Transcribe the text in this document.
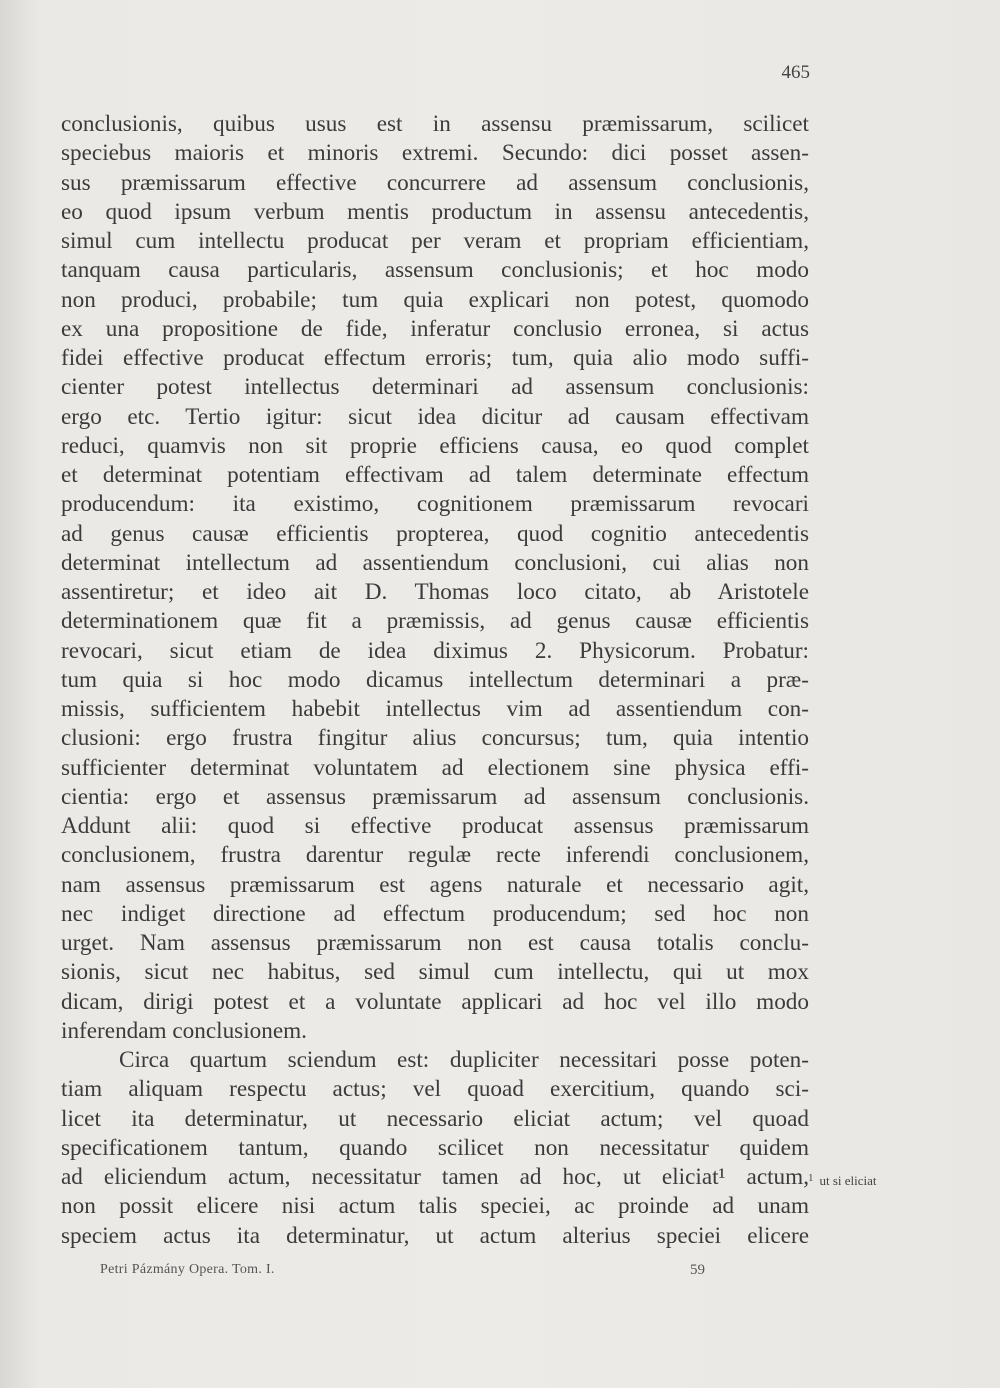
465
conclusionis, quibus usus est in assensu præmissarum, scilicet
speciebus maioris et minoris extremi. Secundo: dici posset assen-
sus præmissarum effective concurrere ad assensum conclusionis,
eo quod ipsum verbum mentis productum in assensu antecedentis,
simul cum intellectu producat per veram et propriam efficientiam,
tanquam causa particularis, assensum conclusionis; et hoc modo
non produci, probabile; tum quia explicari non potest, quomodo
ex una propositione de fide, inferatur conclusio erronea, si actus
fidei effective producat effectum erroris; tum, quia alio modo suffi-
cienter potest intellectus determinari ad assensum conclusionis:
ergo etc. Tertio igitur: sicut idea dicitur ad causam effectivam
reduci, quamvis non sit proprie efficiens causa, eo quod complet
et determinat potentiam effectivam ad talem determinate effectum
producendum: ita existimo, cognitionem præmissarum revocari
ad genus causæ efficientis propterea, quod cognitio antecedentis
determinat intellectum ad assentiendum conclusioni, cui alias non
assentiretur; et ideo ait D. Thomas loco citato, ab Aristotele
determinationem quæ fit a præmissis, ad genus causæ efficientis
revocari, sicut etiam de idea diximus 2. Physicorum. Probatur:
tum quia si hoc modo dicamus intellectum determinari a præ-
missis, sufficientem habebit intellectus vim ad assentiendum con-
clusioni: ergo frustra fingitur alius concursus; tum, quia intentio
sufficienter determinat voluntatem ad electionem sine physica effi-
cientia: ergo et assensus præmissarum ad assensum conclusionis.
Addunt alii: quod si effective producat assensus præmissarum
conclusionem, frustra darentur regulæ recte inferendi conclusionem,
nam assensus præmissarum est agens naturale et necessario agit,
nec indiget directione ad effectum producendum; sed hoc non
urget. Nam assensus præmissarum non est causa totalis conclu-
sionis, sicut nec habitus, sed simul cum intellectu, qui ut mox
dicam, dirigi potest et a voluntate applicari ad hoc vel illo modo
inferendam conclusionem.
Circa quartum sciendum est: dupliciter necessitari posse poten-
tiam aliquam respectu actus; vel quoad exercitium, quando sci-
licet ita determinatur, ut necessario eliciat actum; vel quoad
specificationem tantum, quando scilicet non necessitatur quidem
ad eliciendum actum, necessitatur tamen ad hoc, ut eliciat¹ actum,
non possit elicere nisi actum talis speciei, ac proinde ad unam
speciem actus ita determinatur, ut actum alterius speciei elicere
$^1$ ut si eliciat
Petri Pázmány Opera. Tom. I.	59
